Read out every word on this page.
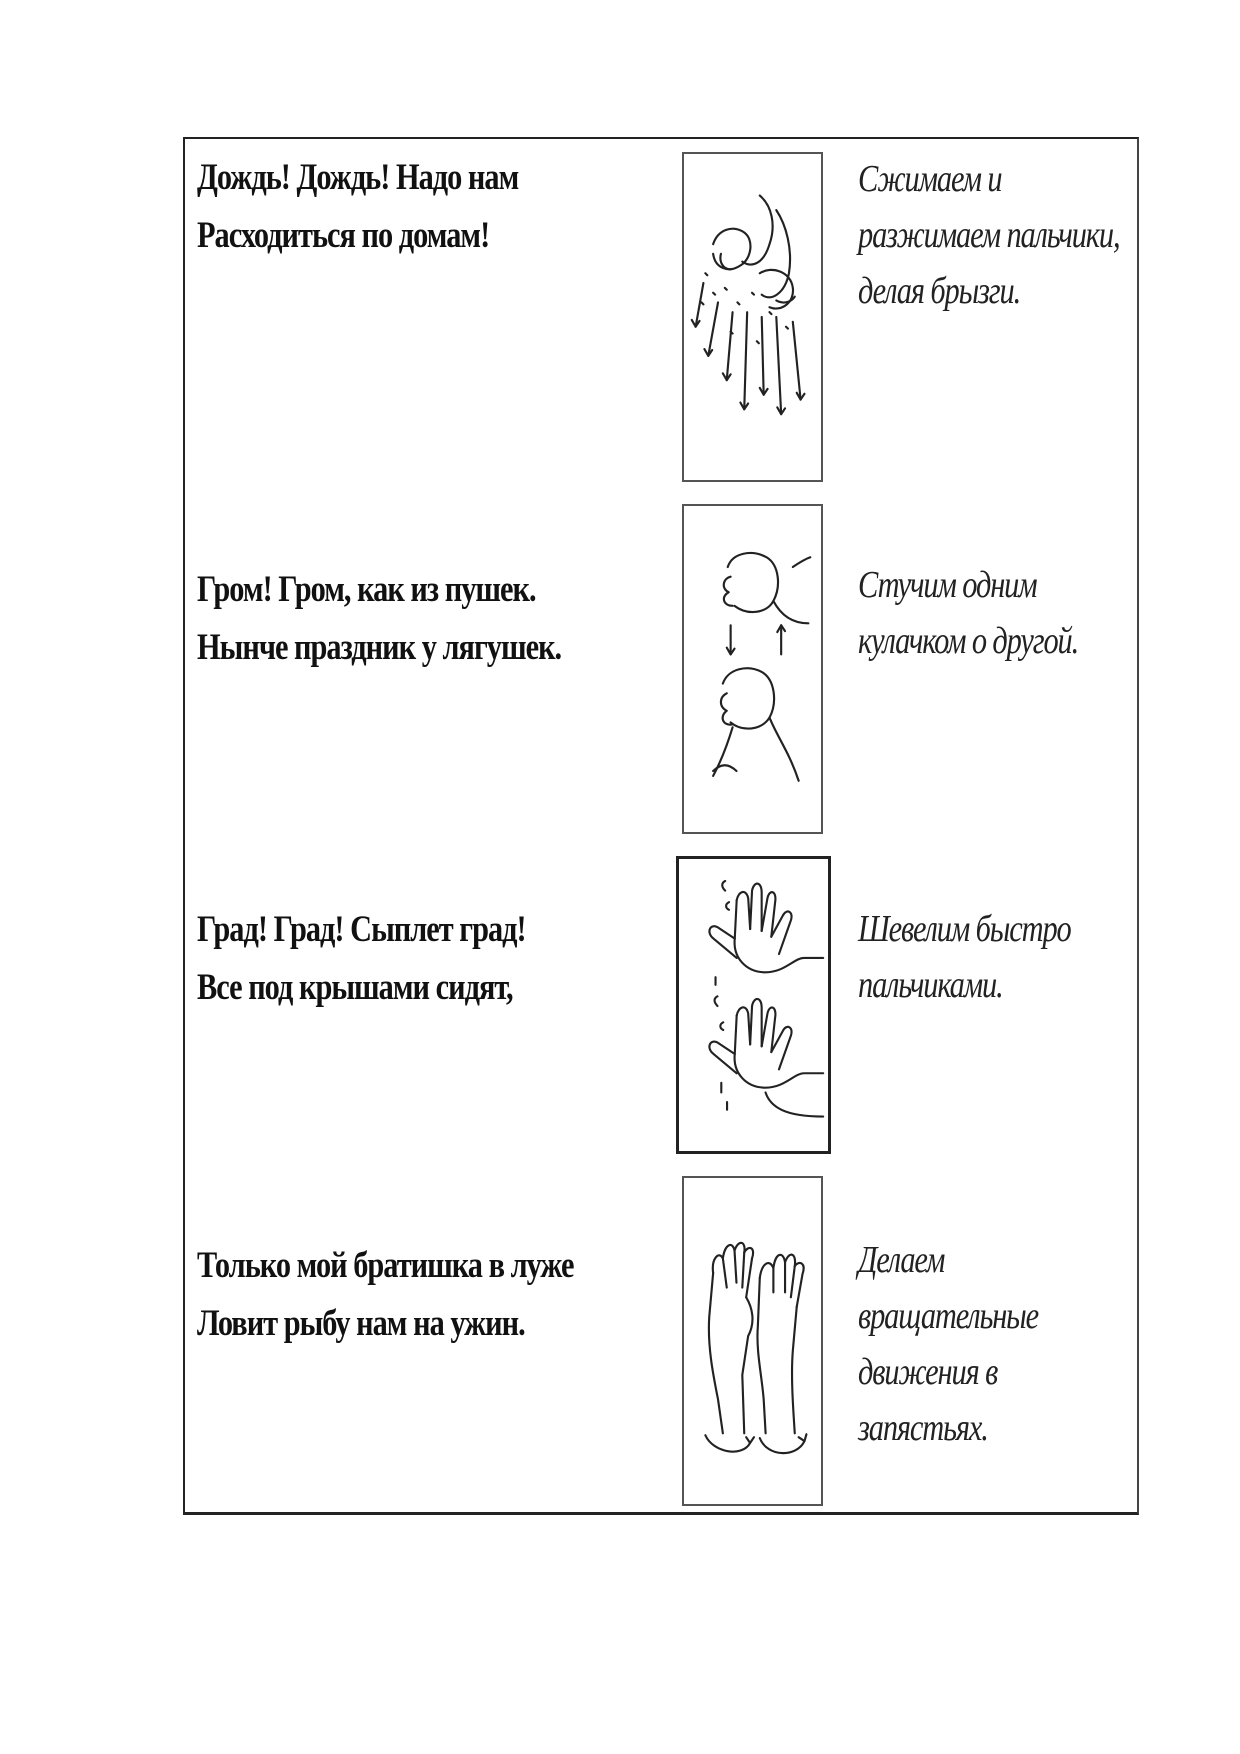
Дождь! Дождь! Надо нам
Расходиться по домам!
Сжимаем и
разжимаем пальчики,
делая брызги.
Гром! Гром, как из пушек.
Нынче праздник у лягушек.
Стучим одним
кулачком о другой.
Град! Град! Сыплет град!
Все под крышами сидят,
Шевелим быстро
пальчиками.
Только мой братишка в луже
Ловит рыбу нам на ужин.
Делаем
вращательные
движения в
запястьях.
